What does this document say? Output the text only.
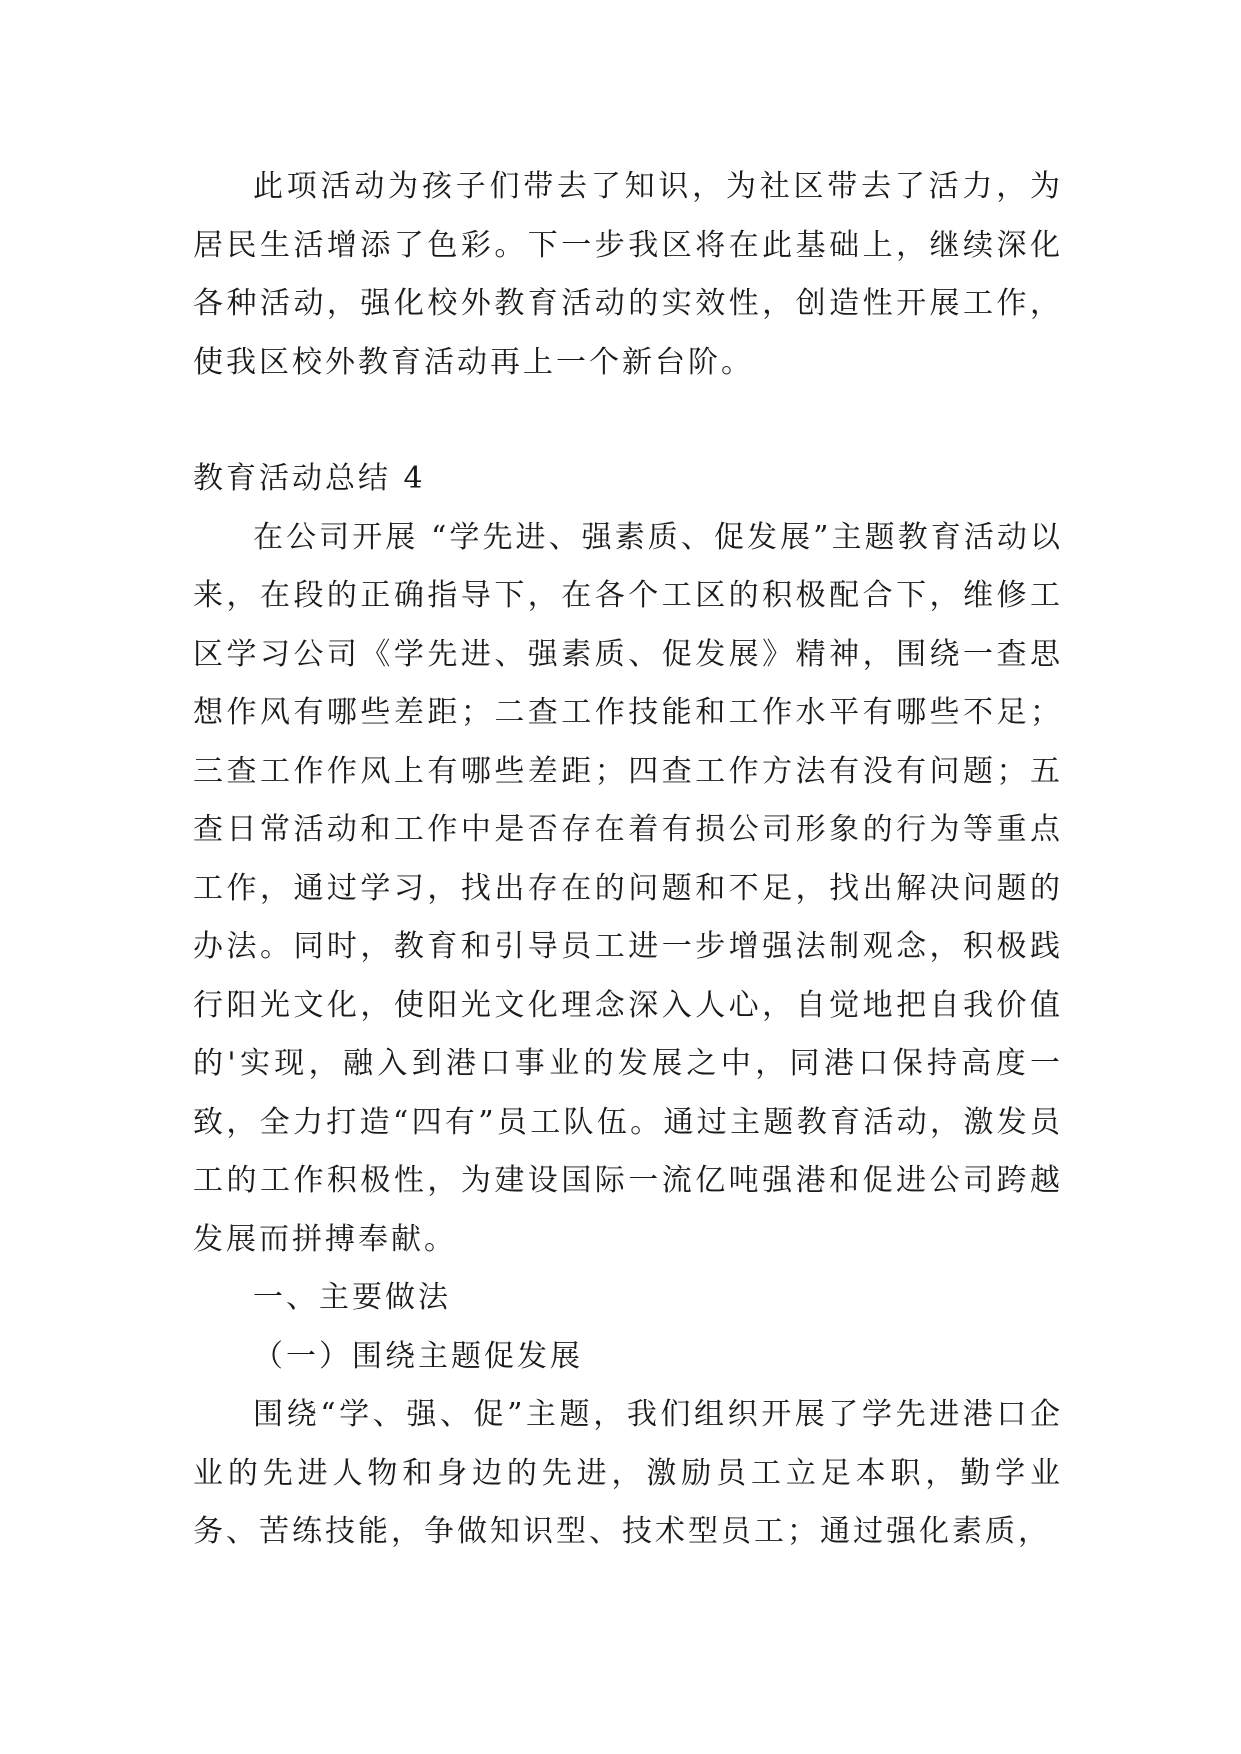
此项活动为孩子们带去了知识，为社区带去了活力，为居民生活增添了色彩。下一步我区将在此基础上，继续深化各种活动，强化校外教育活动的实效性，创造性开展工作，使我区校外教育活动再上一个新台阶。

教育活动总结 4

在公司开展 “学先进、强素质、促发展”主题教育活动以来，在段的正确指导下，在各个工区的积极配合下，维修工区学习公司《学先进、强素质、促发展》精神，围绕一查思想作风有哪些差距；二查工作技能和工作水平有哪些不足；三查工作作风上有哪些差距；四查工作方法有没有问题；五查日常活动和工作中是否存在着有损公司形象的行为等重点工作，通过学习，找出存在的问题和不足，找出解决问题的办法。同时，教育和引导员工进一步增强法制观念，积极践行阳光文化，使阳光文化理念深入人心，自觉地把自我价值的'实现，融入到港口事业的发展之中，同港口保持高度一致，全力打造“四有”员工队伍。通过主题教育活动，激发员工的工作积极性，为建设国际一流亿吨强港和促进公司跨越发展而拼搏奉献。

一、主要做法

（一）围绕主题促发展

围绕“学、强、促”主题，我们组织开展了学先进港口企业的先进人物和身边的先进，激励员工立足本职，勤学业务、苦练技能，争做知识型、技术型员工；通过强化素质，
